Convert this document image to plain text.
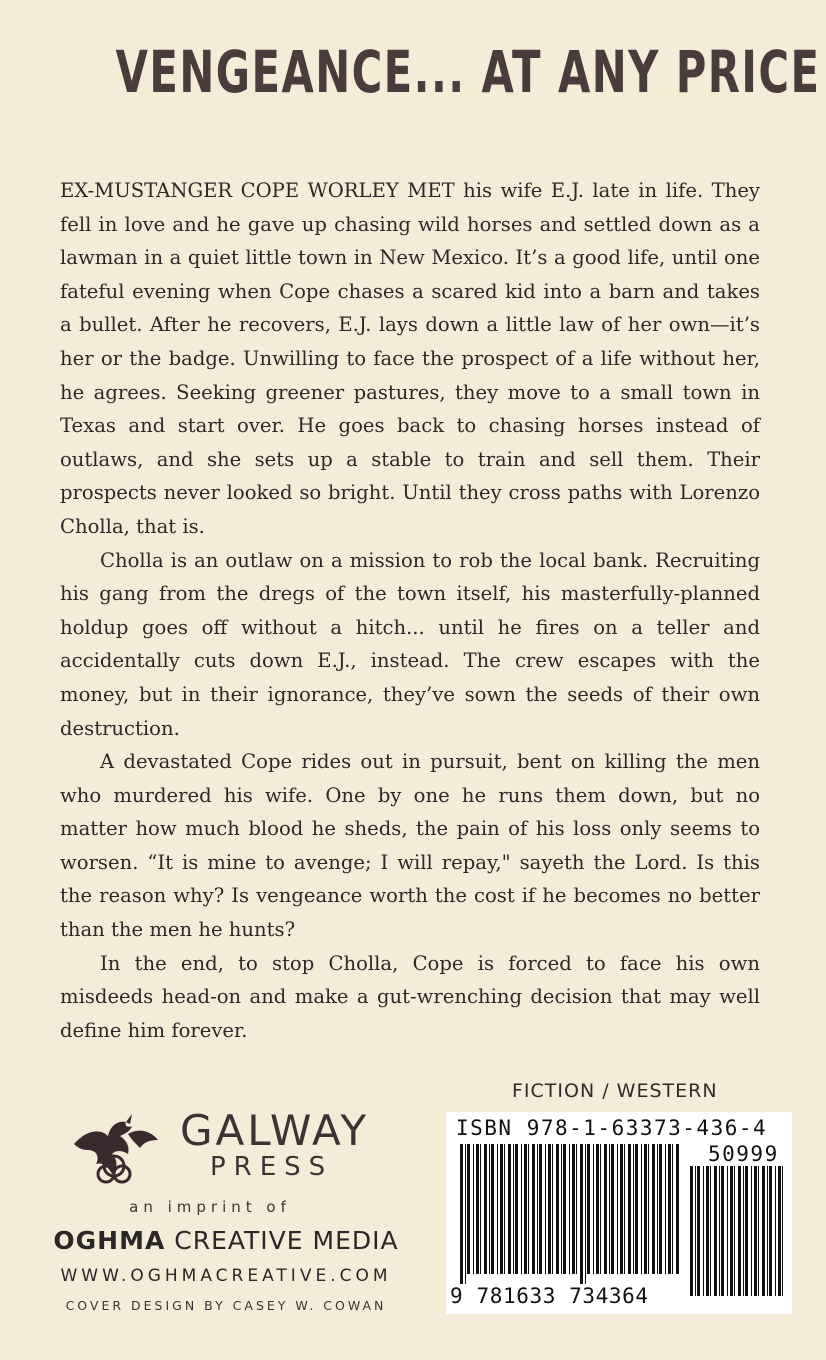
VENGEANCE... AT ANY PRICE

EX-MUSTANGER COPE WORLEY MET his wife E.J. late in life. They fell in love and he gave up chasing wild horses and settled down as a lawman in a quiet little town in New Mexico. It’s a good life, until one fateful evening when Cope chases a scared kid into a barn and takes a bullet. After he recovers, E.J. lays down a little law of her own—it’s her or the badge. Unwilling to face the prospect of a life without her, he agrees. Seeking greener pastures, they move to a small town in Texas and start over. He goes back to chasing horses instead of outlaws, and she sets up a stable to train and sell them. Their prospects never looked so bright. Until they cross paths with Lorenzo Cholla, that is.

Cholla is an outlaw on a mission to rob the local bank. Recruiting his gang from the dregs of the town itself, his masterfully-planned holdup goes off without a hitch... until he fires on a teller and accidentally cuts down E.J., instead. The crew escapes with the money, but in their ignorance, they’ve sown the seeds of their own destruction.

A devastated Cope rides out in pursuit, bent on killing the men who murdered his wife. One by one he runs them down, but no matter how much blood he sheds, the pain of his loss only seems to worsen. “It is mine to avenge; I will repay," sayeth the Lord. Is this the reason why? Is vengeance worth the cost if he becomes no better than the men he hunts?

In the end, to stop Cholla, Cope is forced to face his own misdeeds head-on and make a gut-wrenching decision that may well define him forever.

GALWAY
PRESS
an imprint of
OGHMA CREATIVE MEDIA
WWW.OGHMACREATIVE.COM
COVER DESIGN BY CASEY W. COWAN
FICTION / WESTERN
ISBN 978-1-63373-436-4
50999
9 781633 734364
